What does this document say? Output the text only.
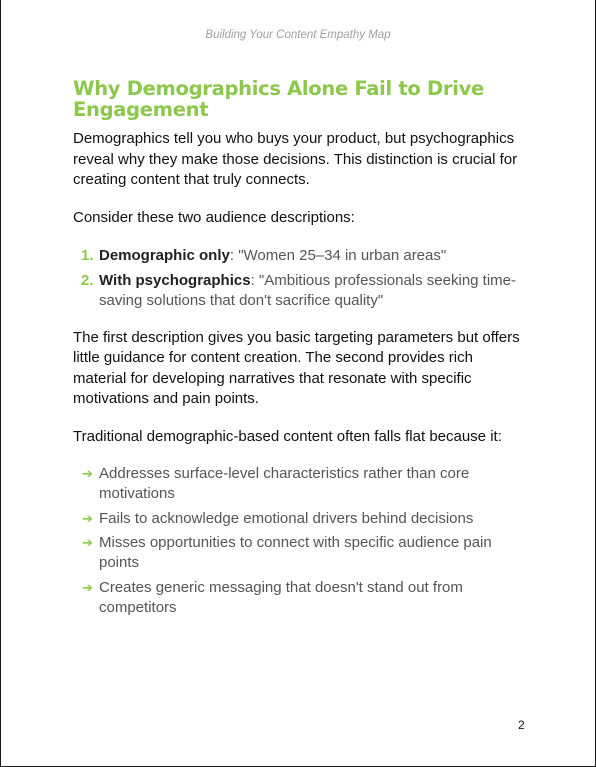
Building Your Content Empathy Map
Why Demographics Alone Fail to Drive Engagement

Demographics tell you who buys your product, but psychographics reveal why they make those decisions. This distinction is crucial for creating content that truly connects.

Consider these two audience descriptions:

1. Demographic only: "Women 25–34 in urban areas"
2. With psychographics: "Ambitious professionals seeking time-saving solutions that don't sacrifice quality"

The first description gives you basic targeting parameters but offers little guidance for content creation. The second provides rich material for developing narratives that resonate with specific motivations and pain points.

Traditional demographic-based content often falls flat because it:

➔ Addresses surface-level characteristics rather than core motivations
➔ Fails to acknowledge emotional drivers behind decisions
➔ Misses opportunities to connect with specific audience pain points
➔ Creates generic messaging that doesn't stand out from competitors
2
